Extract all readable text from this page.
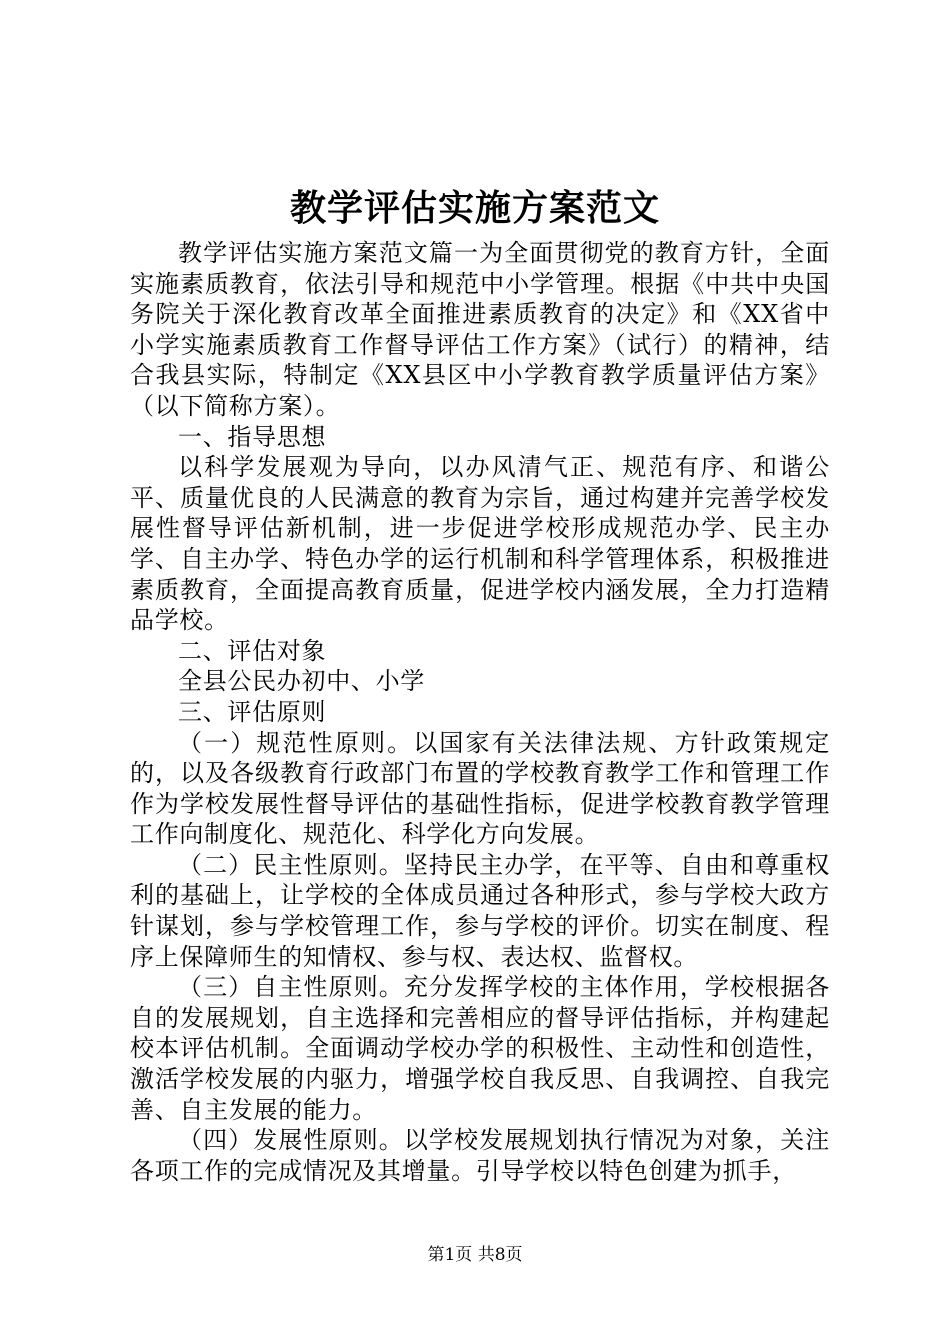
教学评估实施方案范文

教学评估实施方案范文篇一为全面贯彻党的教育方针，全面实施素质教育，依法引导和规范中小学管理。根据《中共中央国务院关于深化教育改革全面推进素质教育的决定》和《XX省中小学实施素质教育工作督导评估工作方案》（试行）的精神，结合我县实际，特制定《XX县区中小学教育教学质量评估方案》（以下简称方案）。

一、指导思想

以科学发展观为导向，以办风清气正、规范有序、和谐公平、质量优良的人民满意的教育为宗旨，通过构建并完善学校发展性督导评估新机制，进一步促进学校形成规范办学、民主办学、自主办学、特色办学的运行机制和科学管理体系，积极推进素质教育，全面提高教育质量，促进学校内涵发展，全力打造精品学校。

二、评估对象

全县公民办初中、小学

三、评估原则

（一）规范性原则。以国家有关法律法规、方针政策规定的，以及各级教育行政部门布置的学校教育教学工作和管理工作作为学校发展性督导评估的基础性指标，促进学校教育教学管理工作向制度化、规范化、科学化方向发展。

（二）民主性原则。坚持民主办学，在平等、自由和尊重权利的基础上，让学校的全体成员通过各种形式，参与学校大政方针谋划，参与学校管理工作，参与学校的评价。切实在制度、程序上保障师生的知情权、参与权、表达权、监督权。

（三）自主性原则。充分发挥学校的主体作用，学校根据各自的发展规划，自主选择和完善相应的督导评估指标，并构建起校本评估机制。全面调动学校办学的积极性、主动性和创造性，激活学校发展的内驱力，增强学校自我反思、自我调控、自我完善、自主发展的能力。

（四）发展性原则。以学校发展规划执行情况为对象，关注各项工作的完成情况及其增量。引导学校以特色创建为抓手，

第1页 共8页
